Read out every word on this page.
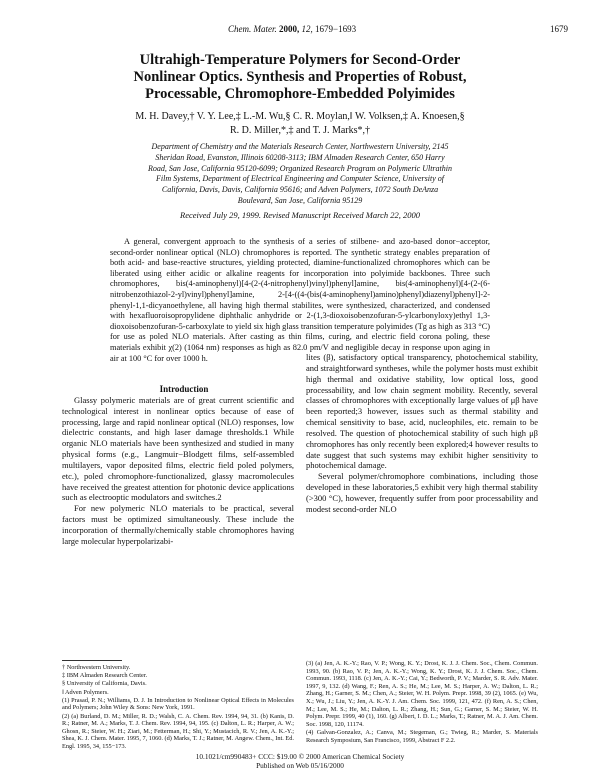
Chem. Mater. 2000, 12, 1679−1693	1679
Ultrahigh-Temperature Polymers for Second-Order
Nonlinear Optics. Synthesis and Properties of Robust,
Processable, Chromophore-Embedded Polyimides
M. H. Davey,† V. Y. Lee,‡ L.-M. Wu,§ C. R. Moylan,‖ W. Volksen,‡ A. Knoesen,§
R. D. Miller,*,‡ and T. J. Marks*,†
Department of Chemistry and the Materials Research Center, Northwestern University, 2145
Sheridan Road, Evanston, Illinois 60208-3113; IBM Almaden Research Center, 650 Harry
Road, San Jose, California 95120-6099; Organized Research Program on Polymeric Ultrathin
Film Systems, Department of Electrical Engineering and Computer Science, University of
California, Davis, Davis, California 95616; and Adven Polymers, 1072 South DeAnza
Boulevard, San Jose, California 95129
Received July 29, 1999. Revised Manuscript Received March 22, 2000
A general, convergent approach to the synthesis of a series of stilbene- and azo-based donor−acceptor, second-order nonlinear optical (NLO) chromophores is reported. The synthetic strategy enables preparation of both acid- and base-reactive structures, yielding protected, diamine-functionalized chromophores which can be liberated using either acidic or alkaline reagents for incorporation into polyimide backbones. Three such chromophores, bis(4-aminophenyl)[4-(2-(4-nitrophenyl)vinyl)phenyl]amine, bis(4-aminophenyl)[4-(2-(6-nitrobenzothiazol-2-yl)vinyl)phenyl]amine, 2-[4-((4-(bis(4-aminophenyl)amino)phenyl)diazenyl)phenyl]-2-phenyl-1,1-dicyanoethylene, all having high thermal stabilites, were synthesized, characterized, and condensed with hexafluoroisopropylidene diphthalic anhydride or 2-(1,3-dioxoisobenzofuran-5-ylcarbonyloxy)ethyl 1,3-dioxoisobenzofuran-5-carboxylate to yield six high glass transition temperature polyimides (Tg as high as 313 °C) for use as poled NLO materials. After casting as thin films, curing, and electric field corona poling, these materials exhibit χ(2) (1064 nm) responses as high as 82.0 pm/V and negligible decay in response upon aging in air at 100 °C for over 1000 h.

Introduction

Glassy polymeric materials are of great current scientific and technological interest in nonlinear optics because of ease of processing, large and rapid nonlinear optical (NLO) responses, low dielectric constants, and high laser damage thresholds.1 While organic NLO materials have been synthesized and studied in many physical forms (e.g., Langmuir−Blodgett films, self-assembled multilayers, vapor deposited films, electric field poled polymers, etc.), poled chromophore-functionalized, glassy macromolecules have received the greatest attention for photonic device applications such as electrooptic modulators and switches.2

For new polymeric NLO materials to be practical, several factors must be optimized simultaneously. These include the incorporation of thermally/chemically stable chromophores having large molecular hyperpolarizabi-

lites (β), satisfactory optical transparency, photochemical stability, and straightforward syntheses, while the polymer hosts must exhibit high thermal and oxidative stability, low optical loss, good processability, and low chain segment mobility. Recently, several classes of chromophores with exceptionally large values of μβ have been reported;3 however, issues such as thermal stability and chemical sensitivity to base, acid, nucleophiles, etc. remain to be resolved. The question of photochemical stability of such high μβ chromophores has only recently been explored;4 however results to date suggest that such systems may exhibit higher sensitivity to photochemical damage.

Several polymer/chromophore combinations, including those developed in these laboratories,5 exhibit very high thermal stability (>300 °C), however, frequently suffer from poor processability and modest second-order NLO

† Northwestern University.

‡ IBM Almaden Research Center.

§ University of California, Davis.

‖ Adven Polymers.

(1) Prasad, P. N.; Williams, D. J. In Introduction to Nonlinear Optical Effects in Molecules and Polymers; John Wiley & Sons: New York, 1991.

(2) (a) Burland, D. M.; Miller, R. D.; Walsh, C. A. Chem. Rev. 1994, 94, 31. (b) Kanis, D. R.; Ratner, M. A.; Marks, T. J. Chem. Rev. 1994, 94, 195. (c) Dalton, L. R.; Harper, A. W.; Ghosn, R.; Steier, W. H.; Ziari, M.; Fetterman, H.; Shi, Y.; Mustacich, R. V.; Jen, A. K.-Y.; Shea, K. J. Chem. Mater. 1995, 7, 1060. (d) Marks, T. J.; Ratner, M. Angew. Chem., Int. Ed. Engl. 1995, 34, 155−173.

(3) (a) Jen, A. K.-Y.; Rao, V. P.; Wong, K. Y.; Drost, K. J. J. Chem. Soc., Chem. Commun. 1993, 90. (b) Rao, V. P.; Jen, A. K.-Y.; Wong, K. Y.; Drost, K. J. J. Chem. Soc., Chem. Commun. 1993, 1118. (c) Jen, A. K.-Y.; Cai, Y.; Bedworth, P. V.; Marder, S. R. Adv. Mater. 1997, 9, 132. (d) Wang, F.; Ren, A. S.; He, M.; Lee, M. S.; Harper, A. W.; Dalton, L. R.; Zhang, H.; Garner, S. M.; Chen, A.; Steier, W. H. Polym. Prepr. 1998, 39 (2), 1065. (e) Wu, X.; Wu, J.; Liu, Y.; Jen, A. K.-Y. J. Am. Chem. Soc. 1999, 121, 472. (f) Ren, A. S.; Chen, M.; Lee, M. S.; He, M.; Dalton, L. R.; Zhang, H.; Sun, G.; Garner, S. M.; Steier, W. H. Polym. Prepr. 1999, 40 (1), 160. (g) Albert, I. D. L.; Marks, T.; Ratner, M. A. J. Am. Chem. Soc. 1998, 120, 11174.

(4) Galvan-Gonzalez, A.; Canva, M.; Stegeman, G.; Twieg, R.; Marder, S. Materials Research Symposium, San Francisco, 1999, Abstract F 2.2.

10.1021/cm990483+ CCC: $19.00 © 2000 American Chemical Society
Published on Web 05/16/2000
